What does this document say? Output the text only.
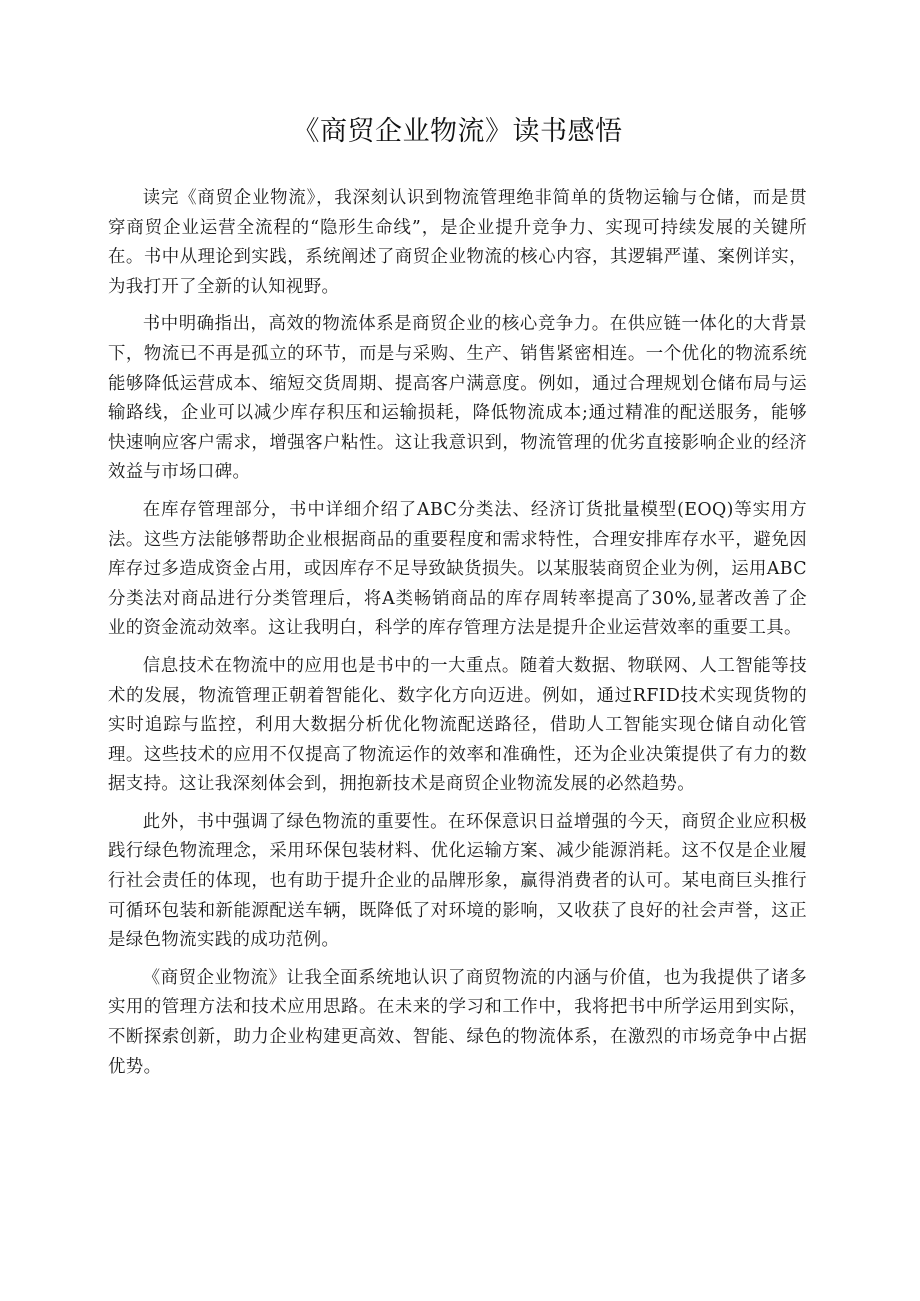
《商贸企业物流》读书感悟

读完《商贸企业物流》，我深刻认识到物流管理绝非简单的货物运输与仓储，而是贯穿商贸企业运营全流程的“隐形生命线”，是企业提升竞争力、实现可持续发展的关键所在。书中从理论到实践，系统阐述了商贸企业物流的核心内容，其逻辑严谨、案例详实，为我打开了全新的认知视野。

书中明确指出，高效的物流体系是商贸企业的核心竞争力。在供应链一体化的大背景下，物流已不再是孤立的环节，而是与采购、生产、销售紧密相连。一个优化的物流系统能够降低运营成本、缩短交货周期、提高客户满意度。例如，通过合理规划仓储布局与运输路线，企业可以减少库存积压和运输损耗，降低物流成本;通过精准的配送服务，能够快速响应客户需求，增强客户粘性。这让我意识到，物流管理的优劣直接影响企业的经济效益与市场口碑。

在库存管理部分，书中详细介绍了ABC分类法、经济订货批量模型(EOQ)等实用方法。这些方法能够帮助企业根据商品的重要程度和需求特性，合理安排库存水平，避免因库存过多造成资金占用，或因库存不足导致缺货损失。以某服装商贸企业为例，运用ABC分类法对商品进行分类管理后，将A类畅销商品的库存周转率提高了30%,显著改善了企业的资金流动效率。这让我明白，科学的库存管理方法是提升企业运营效率的重要工具。

信息技术在物流中的应用也是书中的一大重点。随着大数据、物联网、人工智能等技术的发展，物流管理正朝着智能化、数字化方向迈进。例如，通过RFID技术实现货物的实时追踪与监控，利用大数据分析优化物流配送路径，借助人工智能实现仓储自动化管理。这些技术的应用不仅提高了物流运作的效率和准确性，还为企业决策提供了有力的数据支持。这让我深刻体会到，拥抱新技术是商贸企业物流发展的必然趋势。

此外，书中强调了绿色物流的重要性。在环保意识日益增强的今天，商贸企业应积极践行绿色物流理念，采用环保包装材料、优化运输方案、减少能源消耗。这不仅是企业履行社会责任的体现，也有助于提升企业的品牌形象，赢得消费者的认可。某电商巨头推行可循环包装和新能源配送车辆，既降低了对环境的影响，又收获了良好的社会声誉，这正是绿色物流实践的成功范例。

《商贸企业物流》让我全面系统地认识了商贸物流的内涵与价值，也为我提供了诸多实用的管理方法和技术应用思路。在未来的学习和工作中，我将把书中所学运用到实际，不断探索创新，助力企业构建更高效、智能、绿色的物流体系，在激烈的市场竞争中占据优势。
